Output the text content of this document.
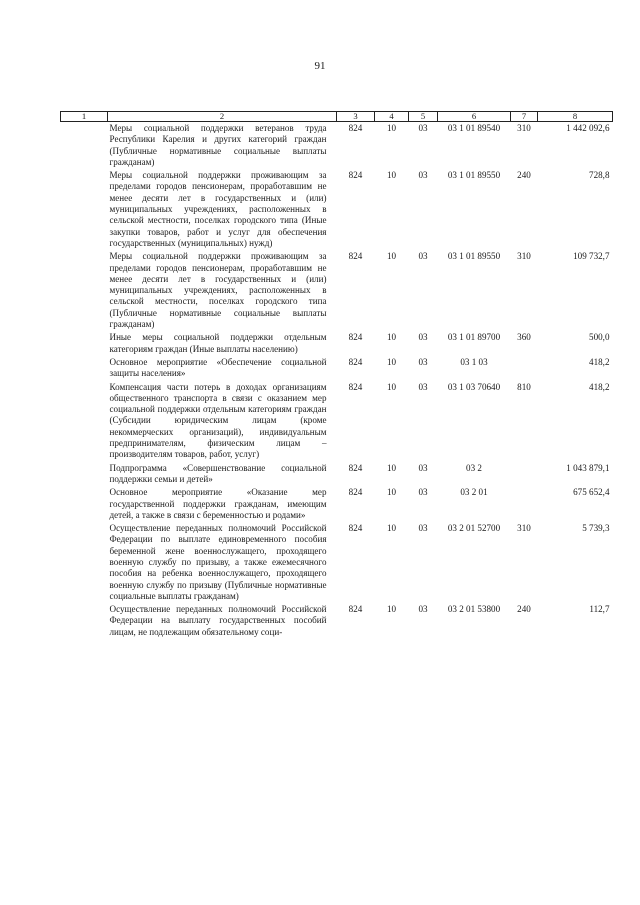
91
1	2	3	4	5	6	7	8
	Меры социальной поддержки ветеранов труда Республики Карелия и других категорий граждан (Публичные нормативные социальные выплаты гражданам)	824	10	03	03 1 01 89540	310	1 442 092,6
	Меры социальной поддержки проживающим за пределами городов пенсионерам, проработавшим не менее десяти лет в государственных и (или) муниципальных учреждениях, расположенных в сельской местности, поселках городского типа (Иные закупки товаров, работ и услуг для обеспечения государственных (муниципальных) нужд)	824	10	03	03 1 01 89550	240	728,8
	Меры социальной поддержки проживающим за пределами городов пенсионерам, проработавшим не менее десяти лет в государственных и (или) муниципальных учреждениях, расположенных в сельской местности, поселках городского типа (Публичные нормативные социальные выплаты гражданам)	824	10	03	03 1 01 89550	310	109 732,7
	Иные меры социальной поддержки отдельным категориям граждан (Иные выплаты населению)	824	10	03	03 1 01 89700	360	500,0
	Основное мероприятие «Обеспечение социальной защиты населения»	824	10	03	03 1 03		418,2
	Компенсация части потерь в доходах организациям общественного транспорта в связи с оказанием мер социальной поддержки отдельным категориям граждан (Субсидии юридическим лицам (кроме некоммерческих организаций), индивидуальным предпринимателям, физическим лицам – производителям товаров, работ, услуг)	824	10	03	03 1 03 70640	810	418,2
	Подпрограмма «Совершенствование социальной поддержки семьи и детей»	824	10	03	03 2		1 043 879,1
	Основное мероприятие «Оказание мер государственной поддержки гражданам, имеющим детей, а также в связи с беременностью и родами»	824	10	03	03 2 01		675 652,4
	Осуществление переданных полномочий Российской Федерации по выплате единовременного пособия беременной жене военнослужащего, проходящего военную службу по призыву, а также ежемесячного пособия на ребенка военнослужащего, проходящего военную службу по призыву (Публичные нормативные социальные выплаты гражданам)	824	10	03	03 2 01 52700	310	5 739,3
	Осуществление переданных полномочий Российской Федерации на выплату государственных пособий лицам, не подлежащим обязательному соци-	824	10	03	03 2 01 53800	240	112,7
